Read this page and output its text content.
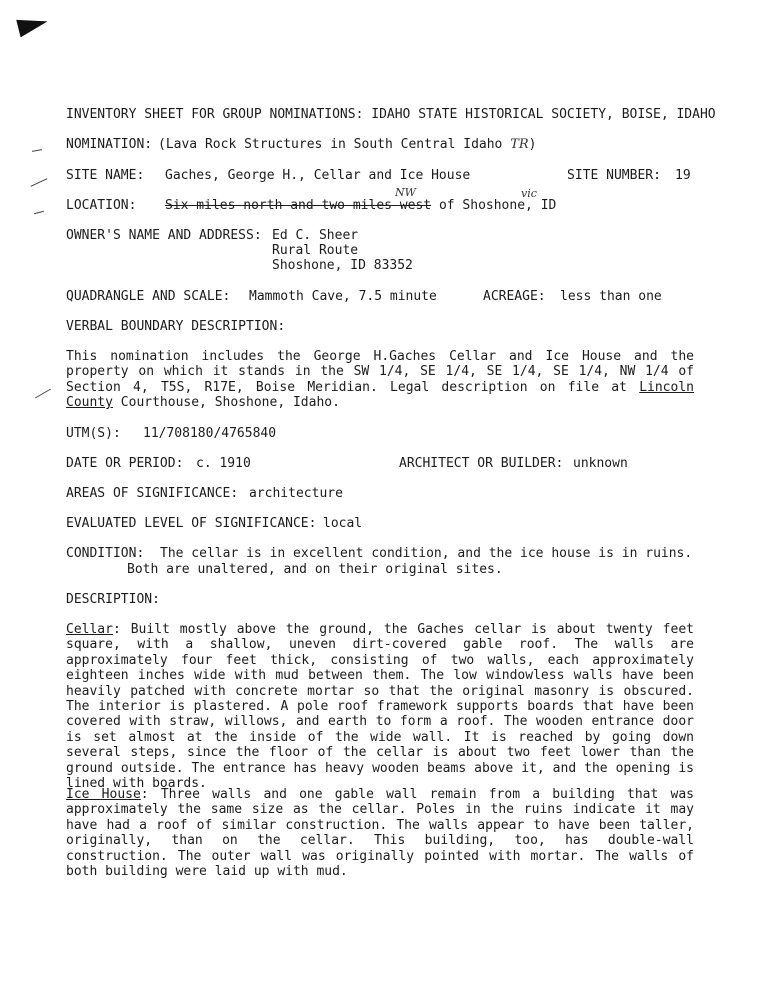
INVENTORY SHEET FOR GROUP NOMINATIONS: IDAHO STATE HISTORICAL SOCIETY, BOISE, IDAHO
NOMINATION: (Lava Rock Structures in South Central Idaho TR)
SITE NAME: Gaches, George H., Cellar and Ice House	SITE NUMBER: 19
NW	vic
LOCATION: Six miles north and two miles west of Shoshone, ID
OWNER'S NAME AND ADDRESS: Ed C. Sheer
Rural Route
Shoshone, ID 83352
QUADRANGLE AND SCALE: Mammoth Cave, 7.5 minute	ACREAGE: less than one
VERBAL BOUNDARY DESCRIPTION:
This nomination includes the George H.Gaches Cellar and Ice House and the property on which it stands in the SW 1/4, SE 1/4, SE 1/4, SE 1/4, NW 1/4 of Section 4, T5S, R17E, Boise Meridian. Legal description on file at Lincoln County Courthouse, Shoshone, Idaho.
UTM(S): 11/708180/4765840
DATE OR PERIOD: c. 1910	ARCHITECT OR BUILDER: unknown
AREAS OF SIGNIFICANCE: architecture
EVALUATED LEVEL OF SIGNIFICANCE: local
CONDITION: The cellar is in excellent condition, and the ice house is in ruins.
Both are unaltered, and on their original sites.
DESCRIPTION:
Cellar: Built mostly above the ground, the Gaches cellar is about twenty feet square, with a shallow, uneven dirt-covered gable roof. The walls are approximately four feet thick, consisting of two walls, each approximately eighteen inches wide with mud between them. The low windowless walls have been heavily patched with concrete mortar so that the original masonry is obscured. The interior is plastered. A pole roof framework supports boards that have been covered with straw, willows, and earth to form a roof. The wooden entrance door is set almost at the inside of the wide wall. It is reached by going down several steps, since the floor of the cellar is about two feet lower than the ground outside. The entrance has heavy wooden beams above it, and the opening is lined with boards.
Ice House: Three walls and one gable wall remain from a building that was approximately the same size as the cellar. Poles in the ruins indicate it may have had a roof of similar construction. The walls appear to have been taller, originally, than on the cellar. This building, too, has double-wall construction. The outer wall was originally pointed with mortar. The walls of both building were laid up with mud.
